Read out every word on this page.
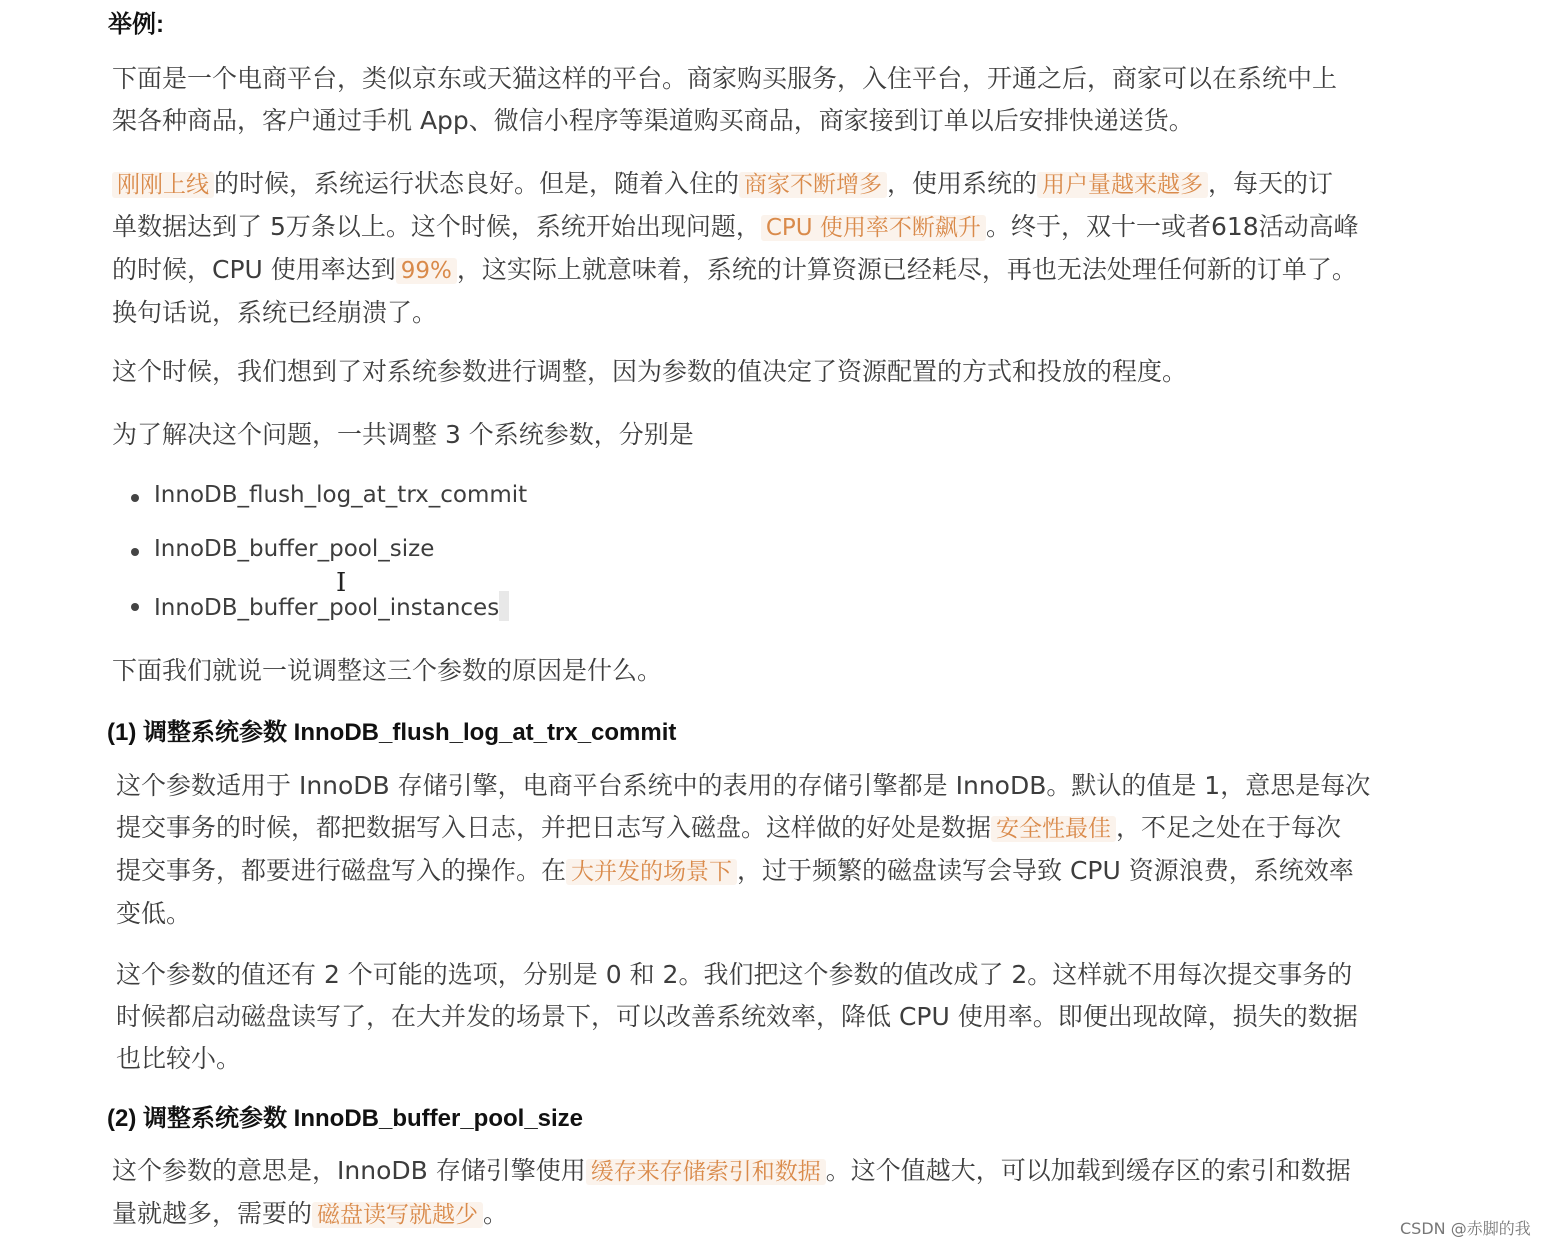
举例:
下面是一个电商平台，类似京东或天猫这样的平台。商家购买服务，入住平台，开通之后，商家可以在系统中上
架各种商品，客户通过手机 App、微信小程序等渠道购买商品，商家接到订单以后安排快递送货。
刚刚上线 的时候，系统运行状态良好。但是，随着入住的 商家不断增多 ，使用系统的 用户量越来越多 ，每天的订
单数据达到了 5万条以上。这个时候，系统开始出现问题， CPU 使用率不断飙升 。终于，双十一或者618活动高峰
的时候，CPU 使用率达到 99% ，这实际上就意味着，系统的计算资源已经耗尽，再也无法处理任何新的订单了。
换句话说，系统已经崩溃了。
这个时候，我们想到了对系统参数进行调整，因为参数的值决定了资源配置的方式和投放的程度。
为了解决这个问题，一共调整 3 个系统参数，分别是
InnoDB_flush_log_at_trx_commit
InnoDB_buffer_pool_size
InnoDB_buffer_pool_instances
I
下面我们就说一说调整这三个参数的原因是什么。
(1) 调整系统参数 InnoDB_flush_log_at_trx_commit
这个参数适用于 InnoDB 存储引擎，电商平台系统中的表用的存储引擎都是 InnoDB。默认的值是 1，意思是每次
提交事务的时候，都把数据写入日志，并把日志写入磁盘。这样做的好处是数据 安全性最佳 ，不足之处在于每次
提交事务，都要进行磁盘写入的操作。在 大并发的场景下 ，过于频繁的磁盘读写会导致 CPU 资源浪费，系统效率
变低。
这个参数的值还有 2 个可能的选项，分别是 0 和 2。我们把这个参数的值改成了 2。这样就不用每次提交事务的
时候都启动磁盘读写了，在大并发的场景下，可以改善系统效率，降低 CPU 使用率。即便出现故障，损失的数据
也比较小。
(2) 调整系统参数 InnoDB_buffer_pool_size
这个参数的意思是，InnoDB 存储引擎使用 缓存来存储索引和数据 。这个值越大，可以加载到缓存区的索引和数据
量就越多，需要的 磁盘读写就越少 。
CSDN @赤脚的我
